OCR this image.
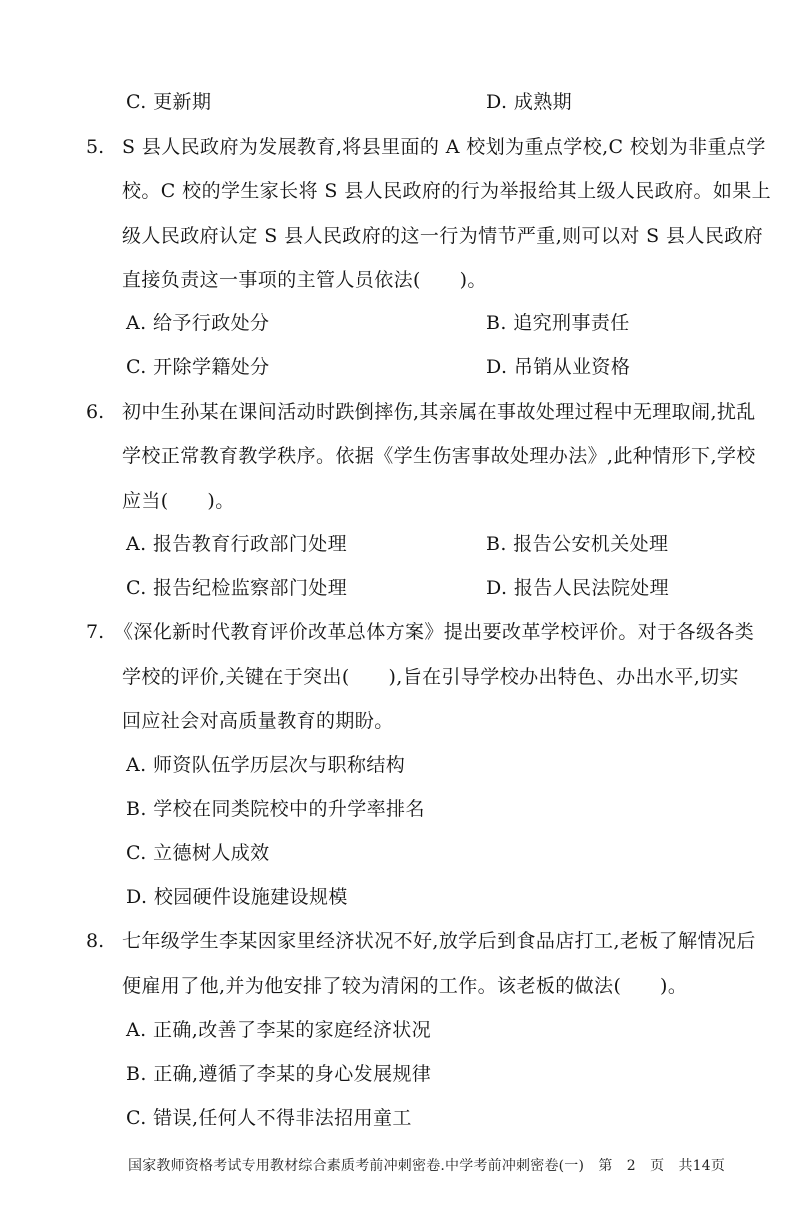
C. 更新期	D. 成熟期
5. S 县人民政府为发展教育,将县里面的 A 校划为重点学校,C 校划为非重点学
校。C 校的学生家长将 S 县人民政府的行为举报给其上级人民政府。如果上
级人民政府认定 S 县人民政府的这一行为情节严重,则可以对 S 县人民政府
直接负责这一事项的主管人员依法(　　)。
A. 给予行政处分	B. 追究刑事责任
C. 开除学籍处分	D. 吊销从业资格
6. 初中生孙某在课间活动时跌倒摔伤,其亲属在事故处理过程中无理取闹,扰乱
学校正常教育教学秩序。依据《学生伤害事故处理办法》,此种情形下,学校
应当(　　)。
A. 报告教育行政部门处理	B. 报告公安机关处理
C. 报告纪检监察部门处理	D. 报告人民法院处理
7. 《深化新时代教育评价改革总体方案》提出要改革学校评价。对于各级各类
学校的评价,关键在于突出(　　),旨在引导学校办出特色、办出水平,切实
回应社会对高质量教育的期盼。
A. 师资队伍学历层次与职称结构
B. 学校在同类院校中的升学率排名
C. 立德树人成效
D. 校园硬件设施建设规模
8. 七年级学生李某因家里经济状况不好,放学后到食品店打工,老板了解情况后
便雇用了他,并为他安排了较为清闲的工作。该老板的做法(　　)。
A. 正确,改善了李某的家庭经济状况
B. 正确,遵循了李某的身心发展规律
C. 错误,任何人不得非法招用童工
国家教师资格考试专用教材综合素质考前冲刺密卷.中学考前冲刺密卷(一)　第　2　页　共14页
